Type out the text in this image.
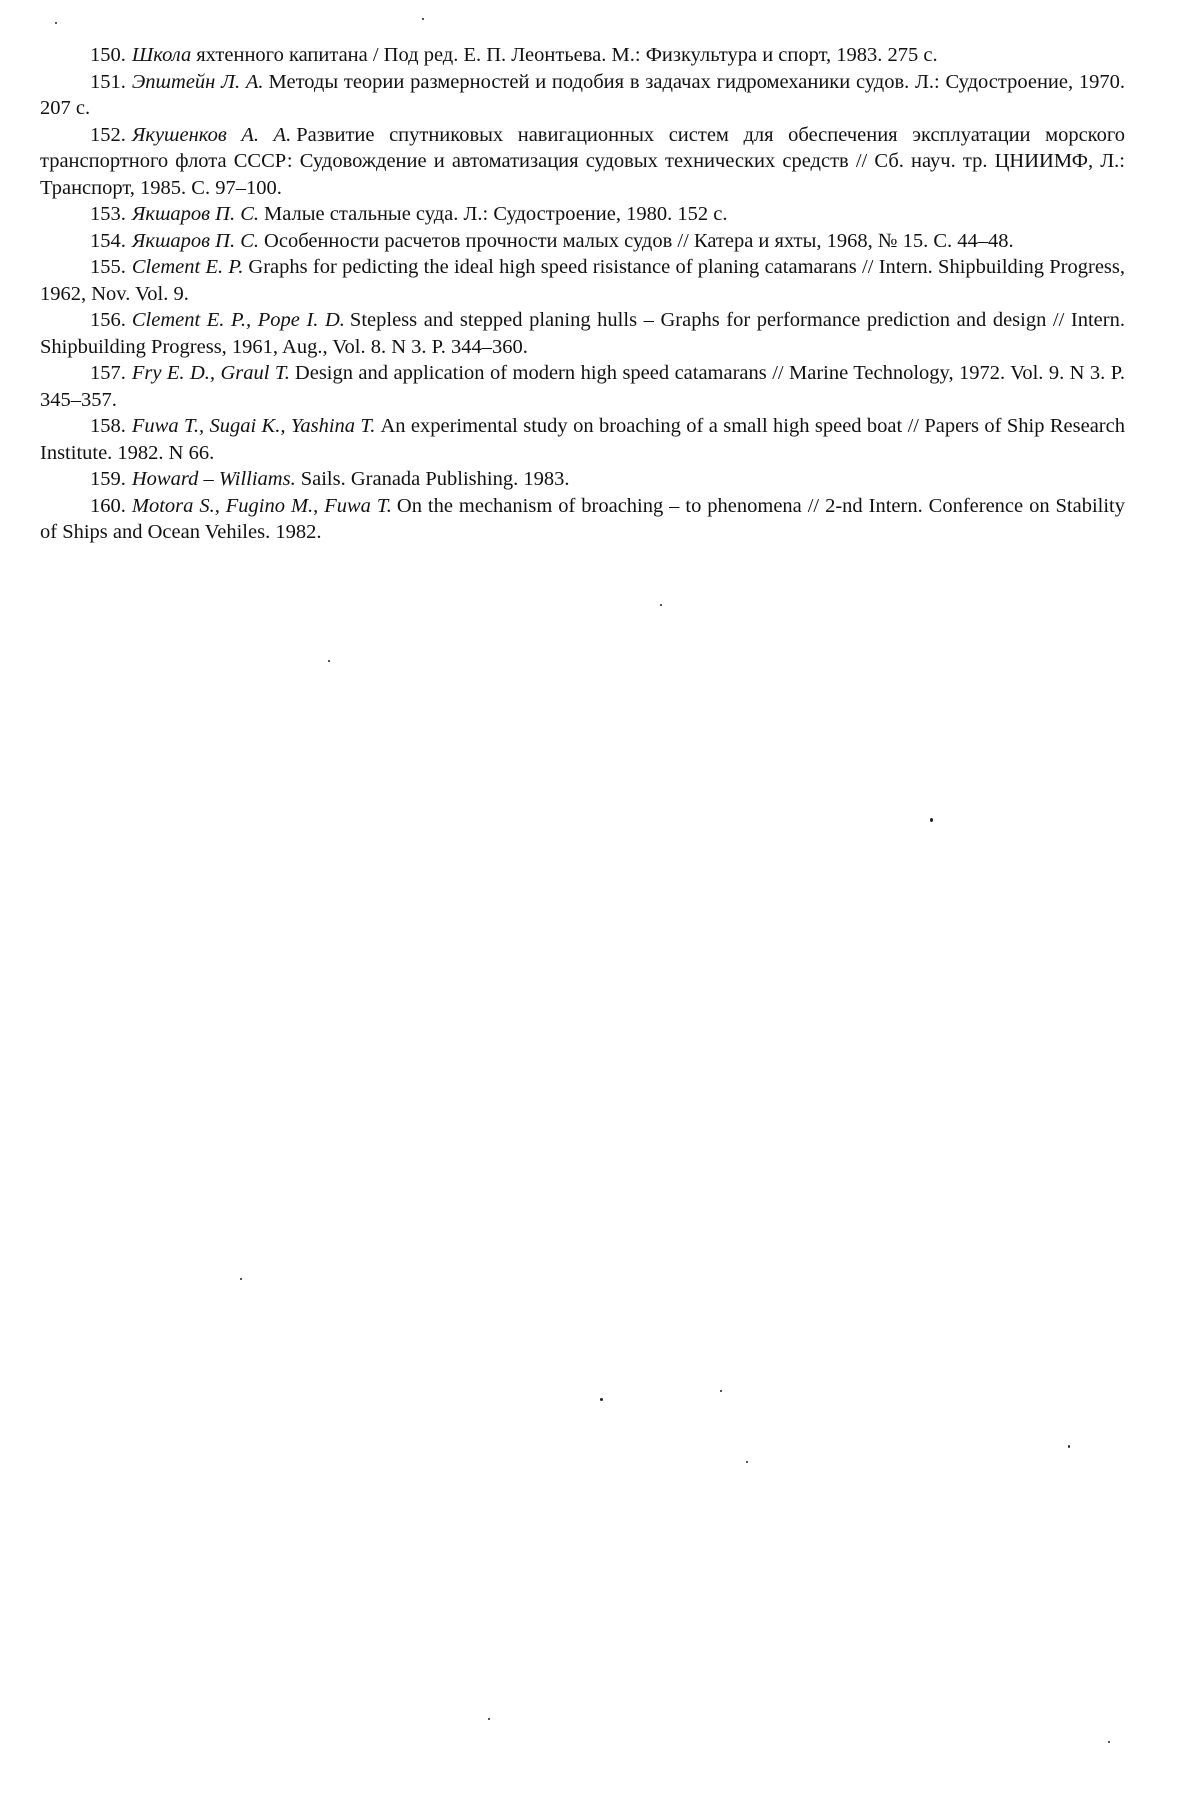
150. Школа яхтенного капитана / Под ред. Е. П. Леонтьева. М.: Физкультура и спорт, 1983. 275 с.

151. Эпштейн Л. А. Методы теории размерностей и подобия в задачах гидромеханики судов. Л.: Судостроение, 1970. 207 с.

152. Якушенков А. А. Развитие спутниковых навигационных систем для обеспечения эксплуатации морского транспортного флота СССР: Судовождение и автоматизация судовых технических средств // Сб. науч. тр. ЦНИИМФ, Л.: Транспорт, 1985. С. 97–100.

153. Якшаров П. С. Малые стальные суда. Л.: Судостроение, 1980. 152 с.

154. Якшаров П. С. Особенности расчетов прочности малых судов // Катера и яхты, 1968, № 15. С. 44–48.

155. Clement E. P. Graphs for pedicting the ideal high speed risistance of planing catamarans // Intern. Shipbuilding Progress, 1962, Nov. Vol. 9.

156. Clement E. P., Pope I. D. Stepless and stepped planing hulls – Graphs for performance prediction and design // Intern. Shipbuilding Progress, 1961, Aug., Vol. 8. N 3. P. 344–360.

157. Fry E. D., Graul T. Design and application of modern high speed catamarans // Marine Technology, 1972. Vol. 9. N 3. P. 345–357.

158. Fuwa T., Sugai K., Yashina T. An experimental study on broaching of a small high speed boat // Papers of Ship Research Institute. 1982. N 66.

159. Howard – Williams. Sails. Granada Publishing. 1983.

160. Motora S., Fugino M., Fuwa T. On the mechanism of broaching – to phenomena // 2-nd Intern. Conference on Stability of Ships and Ocean Vehiles. 1982.
